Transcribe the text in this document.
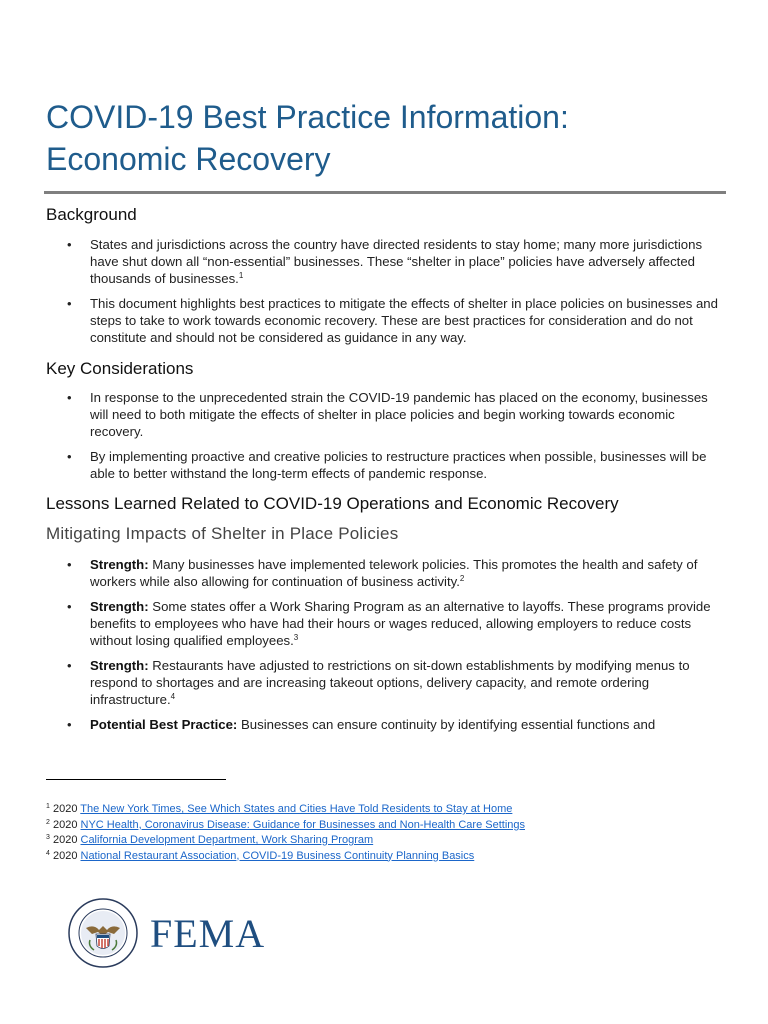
COVID-19 Best Practice Information:
Economic Recovery
Background
• States and jurisdictions across the country have directed residents to stay home; many more jurisdictions have shut down all “non-essential” businesses. These “shelter in place” policies have adversely affected thousands of businesses.$^1$
• This document highlights best practices to mitigate the effects of shelter in place policies on businesses and steps to take to work towards economic recovery. These are best practices for consideration and do not constitute and should not be considered as guidance in any way.
Key Considerations
• In response to the unprecedented strain the COVID-19 pandemic has placed on the economy, businesses will need to both mitigate the effects of shelter in place policies and begin working towards economic recovery.
• By implementing proactive and creative policies to restructure practices when possible, businesses will be able to better withstand the long-term effects of pandemic response.
Lessons Learned Related to COVID-19 Operations and Economic Recovery
Mitigating Impacts of Shelter in Place Policies
• Strength: Many businesses have implemented telework policies. This promotes the health and safety of workers while also allowing for continuation of business activity.$^2$
• Strength: Some states offer a Work Sharing Program as an alternative to layoffs. These programs provide benefits to employees who have had their hours or wages reduced, allowing employers to reduce costs without losing qualified employees.$^3$
• Strength: Restaurants have adjusted to restrictions on sit-down establishments by modifying menus to respond to shortages and are increasing takeout options, delivery capacity, and remote ordering infrastructure.$^4$
• Potential Best Practice: Businesses can ensure continuity by identifying essential functions and
$^1$ 2020 The New York Times, See Which States and Cities Have Told Residents to Stay at Home
$^2$ 2020 NYC Health, Coronavirus Disease: Guidance for Businesses and Non-Health Care Settings
$^3$ 2020 California Development Department, Work Sharing Program
$^4$ 2020 National Restaurant Association, COVID-19 Business Continuity Planning Basics
FEMA
